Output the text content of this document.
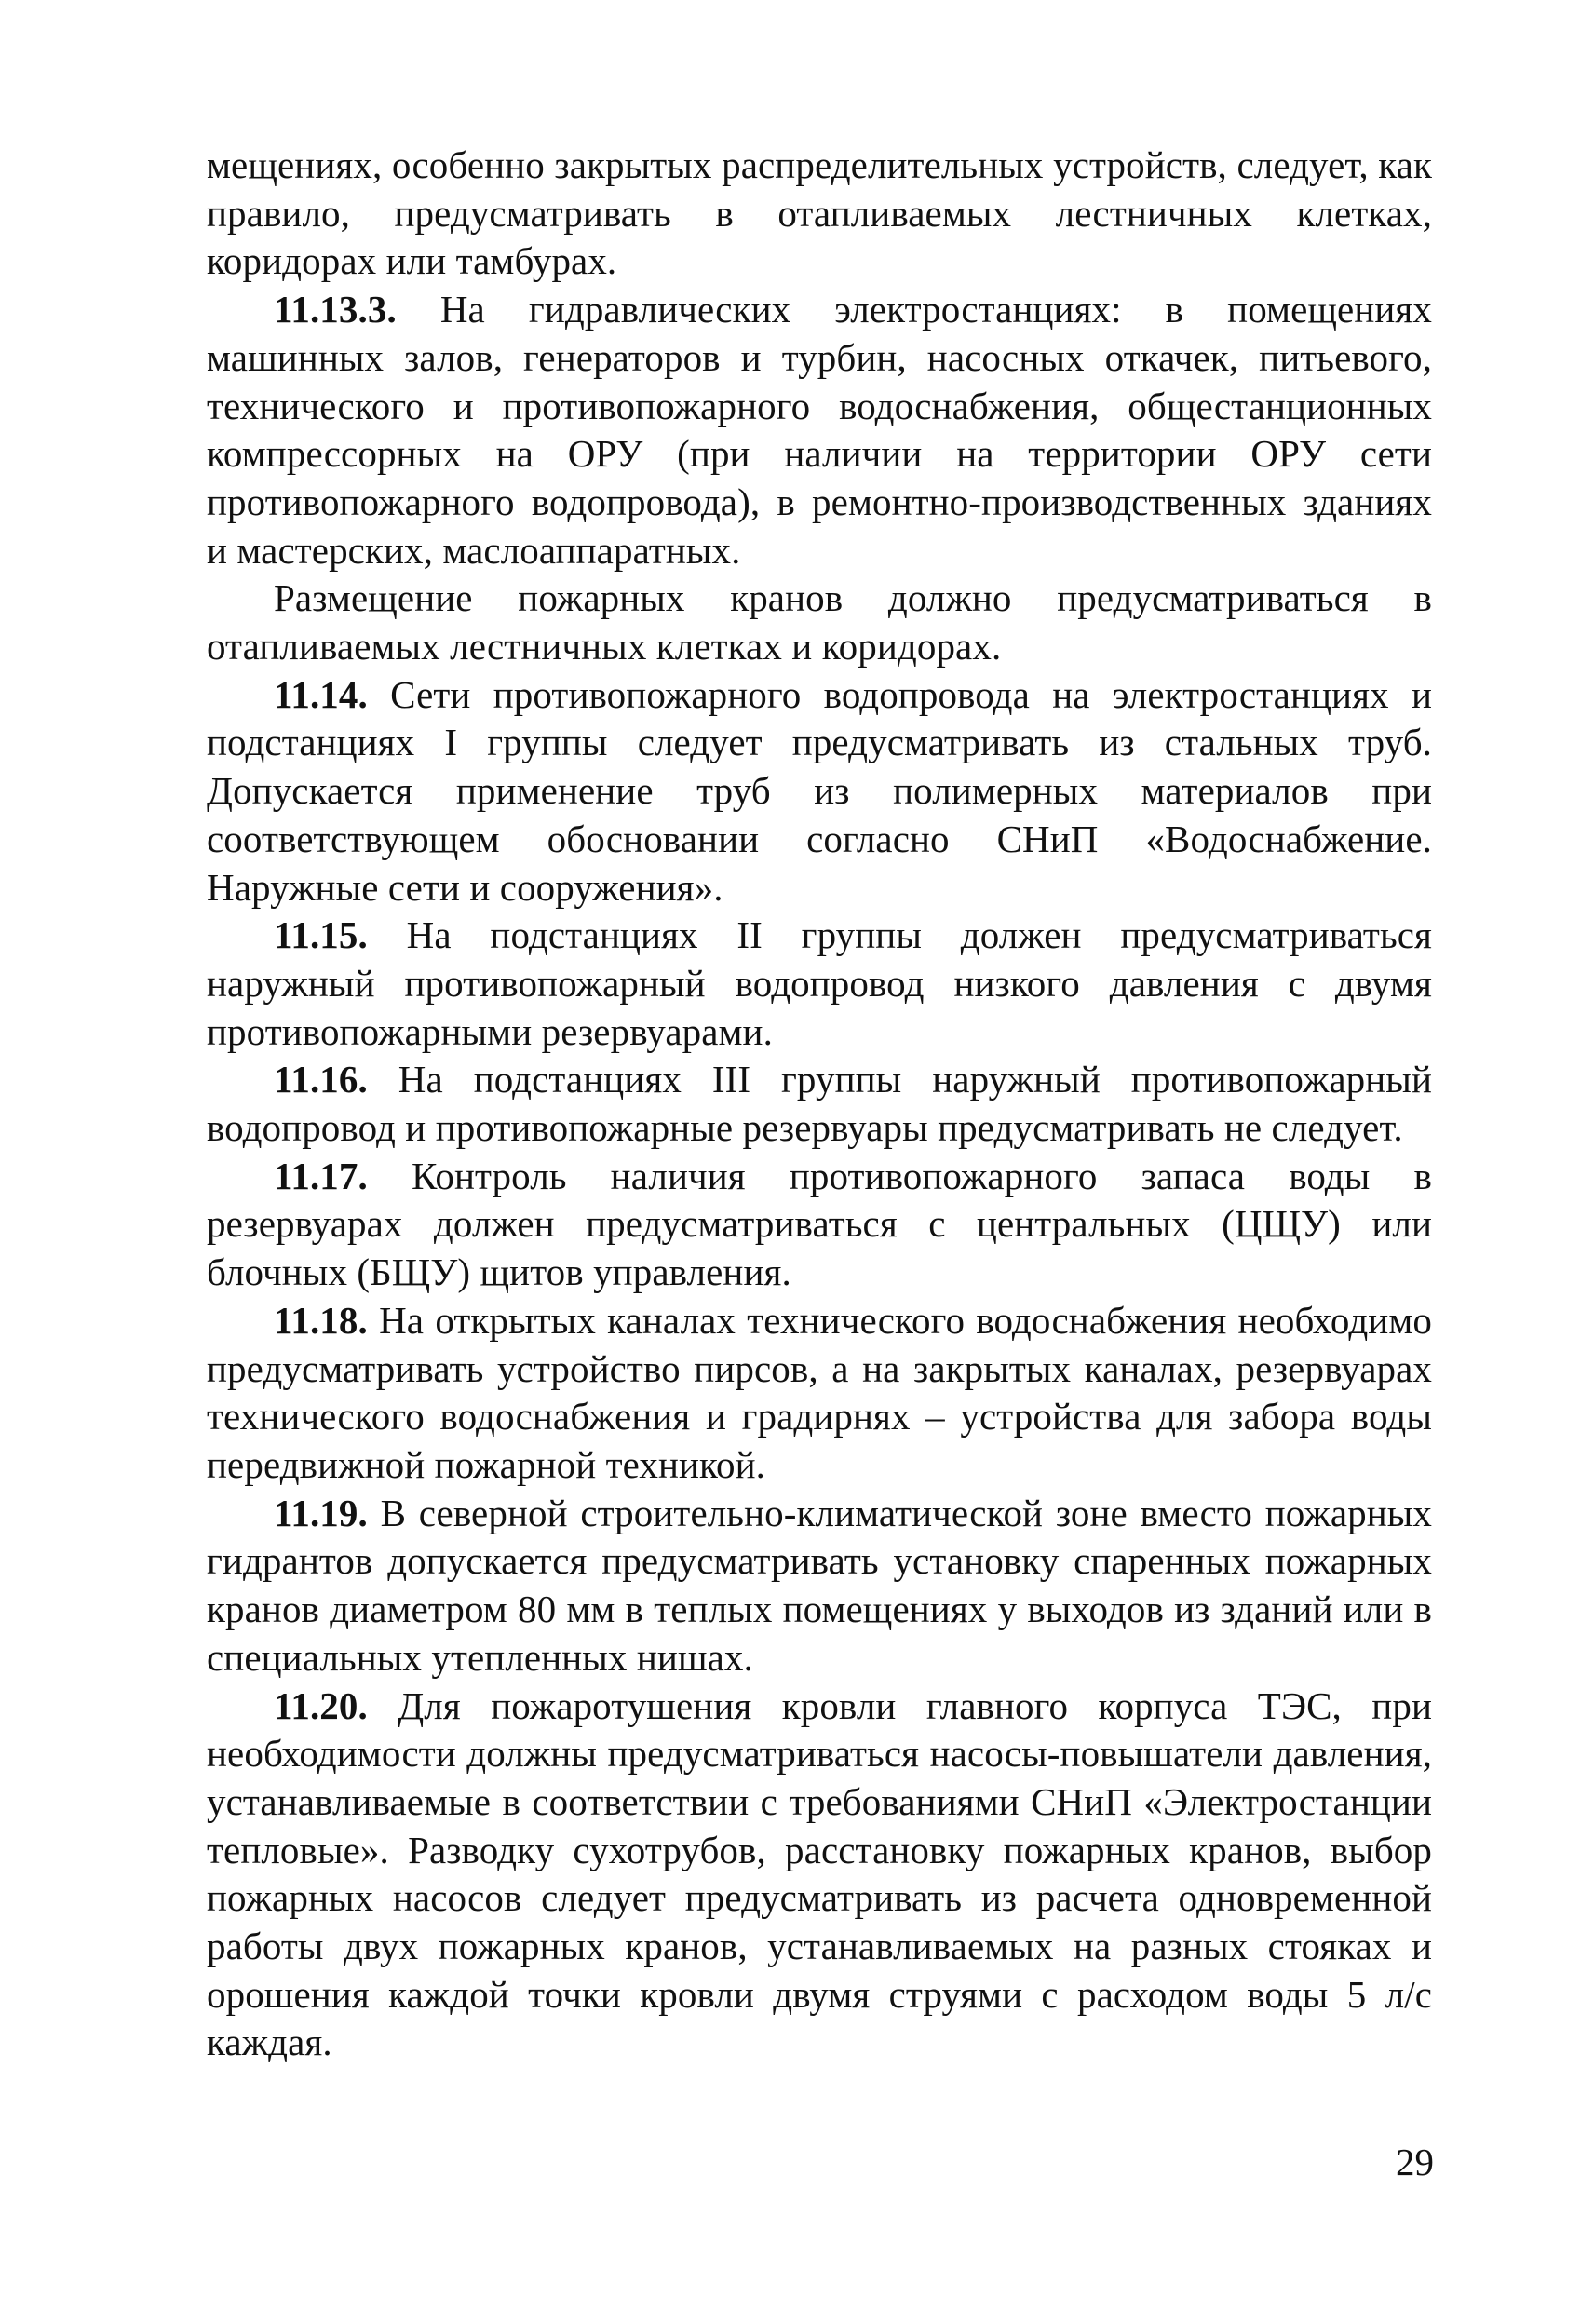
мещениях, особенно закрытых распределительных устройств, следует, как правило, предусматривать в отапливаемых лестничных клетках, коридорах или тамбурах.

11.13.3. На гидравлических электростанциях: в помещениях машинных залов, генераторов и турбин, насосных откачек, питьевого, технического и противопожарного водоснабжения, общестанционных компрессорных на ОРУ (при наличии на территории ОРУ сети противопожарного водопровода), в ремонтно-производственных зданиях и мастерских, маслоаппаратных.

Размещение пожарных кранов должно предусматриваться в отапливаемых лестничных клетках и коридорах.

11.14. Сети противопожарного водопровода на электростанциях и подстанциях I группы следует предусматривать из стальных труб. Допускается применение труб из полимерных материалов при соответствующем обосновании согласно СНиП «Водоснабжение. Наружные сети и сооружения».

11.15. На подстанциях II группы должен предусматриваться наружный противопожарный водопровод низкого давления с двумя противопожарными резервуарами.

11.16. На подстанциях III группы наружный противопожарный водопровод и противопожарные резервуары предусматривать не следует.

11.17. Контроль наличия противопожарного запаса воды в резервуарах должен предусматриваться с центральных (ЦЩУ) или блочных (БЩУ) щитов управления.

11.18. На открытых каналах технического водоснабжения необходимо предусматривать устройство пирсов, а на закрытых каналах, резервуарах технического водоснабжения и градирнях – устройства для забора воды передвижной пожарной техникой.

11.19. В северной строительно-климатической зоне вместо пожарных гидрантов допускается предусматривать установку спаренных пожарных кранов диаметром 80 мм в теплых помещениях у выходов из зданий или в специальных утепленных нишах.

11.20. Для пожаротушения кровли главного корпуса ТЭС, при необходимости должны предусматриваться насосы-повышатели давления, устанавливаемые в соответствии с требованиями СНиП «Электростанции тепловые». Разводку сухотрубов, расстановку пожарных кранов, выбор пожарных насосов следует предусматривать из расчета одновременной работы двух пожарных кранов, устанавливаемых на разных стояках и орошения каждой точки кровли двумя струями с расходом воды 5 л/с каждая.

29
